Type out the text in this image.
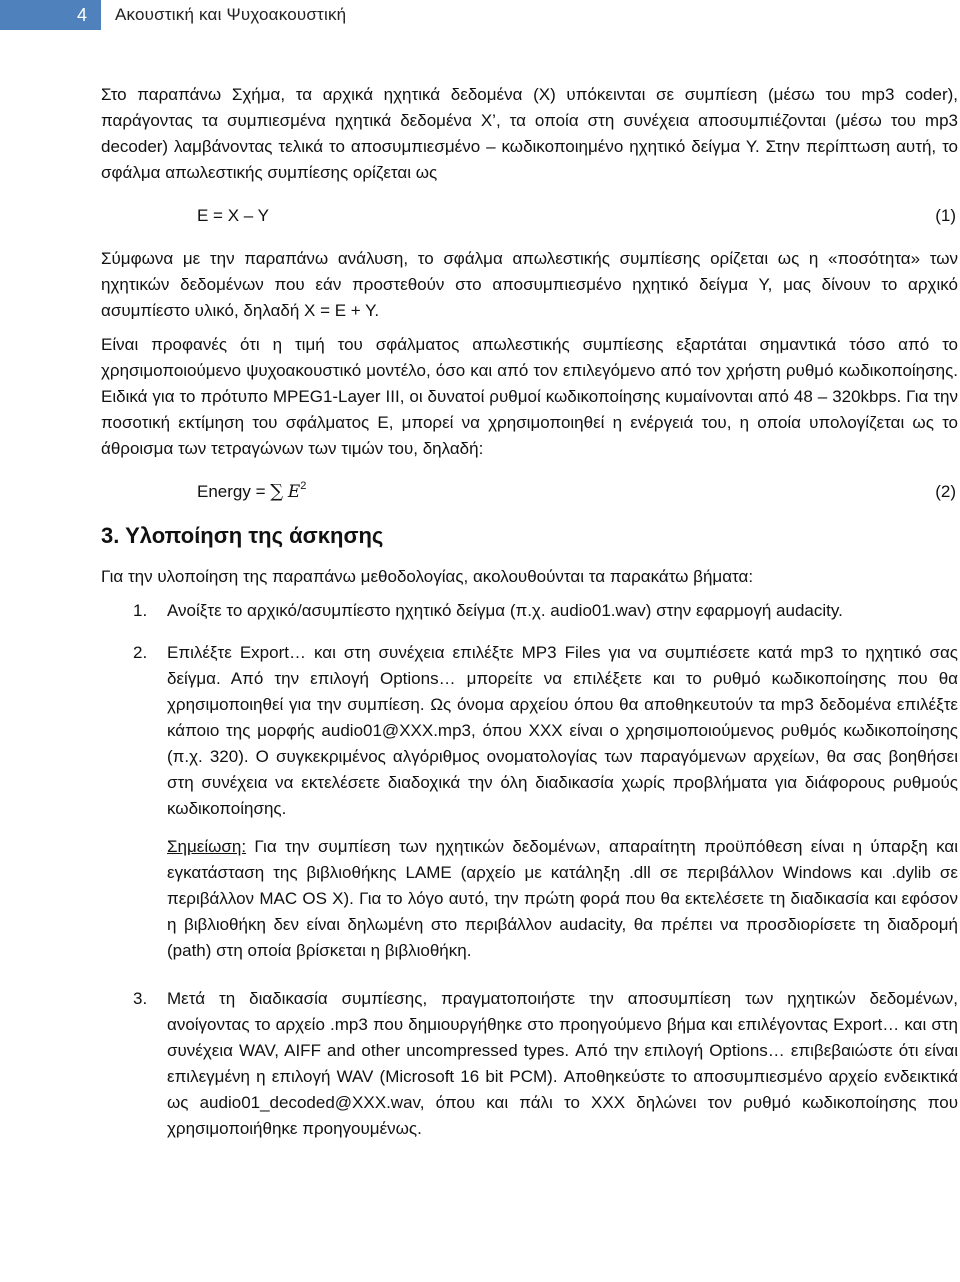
4	Ακουστική και Ψυχοακουστική

Στο παραπάνω Σχήμα, τα αρχικά ηχητικά δεδομένα (Χ) υπόκεινται σε συμπίεση (μέσω του mp3 coder), παράγοντας τα συμπιεσμένα ηχητικά δεδομένα Χ’, τα οποία στη συνέχεια αποσυμπιέζονται (μέσω του mp3 decoder) λαμβάνοντας τελικά το αποσυμπιεσμένο – κωδικοποιημένο ηχητικό δείγμα Υ. Στην περίπτωση αυτή, το σφάλμα απωλεστικής συμπίεσης ορίζεται ως

Ε = Χ – Υ	(1)

Σύμφωνα με την παραπάνω ανάλυση, το σφάλμα απωλεστικής συμπίεσης ορίζεται ως η «ποσότητα» των ηχητικών δεδομένων που εάν προστεθούν στο αποσυμπιεσμένο ηχητικό δείγμα Υ, μας δίνουν το αρχικό ασυμπίεστο υλικό, δηλαδή Χ = Ε + Υ.

Είναι προφανές ότι η τιμή του σφάλματος απωλεστικής συμπίεσης εξαρτάται σημαντικά τόσο από το χρησιμοποιούμενο ψυχοακουστικό μοντέλο, όσο και από τον επιλεγόμενο από τον χρήστη ρυθμό κωδικοποίησης. Ειδικά για το πρότυπο MPEG1-Layer III, οι δυνατοί ρυθμοί κωδικοποίησης κυμαίνονται από 48 – 320kbps. Για την ποσοτική εκτίμηση του σφάλματος Ε, μπορεί να χρησιμοποιηθεί η ενέργειά του, η οποία υπολογίζεται ως το άθροισμα των τετραγώνων των τιμών του, δηλαδή:

Energy = ∑ $E^2$	(2)
3. Υλοποίηση της άσκησης

Για την υλοποίηση της παραπάνω μεθοδολογίας, ακολουθούνται τα παρακάτω βήματα:

1.	Ανοίξτε το αρχικό/ασυμπίεστο ηχητικό δείγμα (π.χ. audio01.wav) στην εφαρμογή audacity.

2.	Επιλέξτε Export… και στη συνέχεια επιλέξτε MP3 Files για να συμπιέσετε κατά mp3 το ηχητικό σας δείγμα. Από την επιλογή Options… μπορείτε να επιλέξετε και το ρυθμό κωδικοποίησης που θα χρησιμοποιηθεί για την συμπίεση. Ως όνομα αρχείου όπου θα αποθηκευτούν τα mp3 δεδομένα επιλέξτε κάποιο της μορφής audio01@XXX.mp3, όπου XXX είναι ο χρησιμοποιούμενος ρυθμός κωδικοποίησης (π.χ. 320). Ο συγκεκριμένος αλγόριθμος ονοματολογίας των παραγόμενων αρχείων, θα σας βοηθήσει στη συνέχεια να εκτελέσετε διαδοχικά την όλη διαδικασία χωρίς προβλήματα για διάφορους ρυθμούς κωδικοποίησης.

Σημείωση: Για την συμπίεση των ηχητικών δεδομένων, απαραίτητη προϋπόθεση είναι η ύπαρξη και εγκατάσταση της βιβλιοθήκης LAME (αρχείο με κατάληξη .dll σε περιβάλλον Windows και .dylib σε περιβάλλον MAC OS X). Για το λόγο αυτό, την πρώτη φορά που θα εκτελέσετε τη διαδικασία και εφόσον η βιβλιοθήκη δεν είναι δηλωμένη στο περιβάλλον audacity, θα πρέπει να προσδιορίσετε τη διαδρομή (path) στη οποία βρίσκεται η βιβλιοθήκη.

3.	Μετά τη διαδικασία συμπίεσης, πραγματοποιήστε την αποσυμπίεση των ηχητικών δεδομένων, ανοίγοντας το αρχείο .mp3 που δημιουργήθηκε στο προηγούμενο βήμα και επιλέγοντας Export… και στη συνέχεια WAV, AIFF and other uncompressed types. Από την επιλογή Options… επιβεβαιώστε ότι είναι επιλεγμένη η επιλογή WAV (Microsoft 16 bit PCM). Αποθηκεύστε το αποσυμπιεσμένο αρχείο ενδεικτικά ως audio01_decoded@XXX.wav, όπου και πάλι το XXX δηλώνει τον ρυθμό κωδικοποίησης που χρησιμοποιήθηκε προηγουμένως.
